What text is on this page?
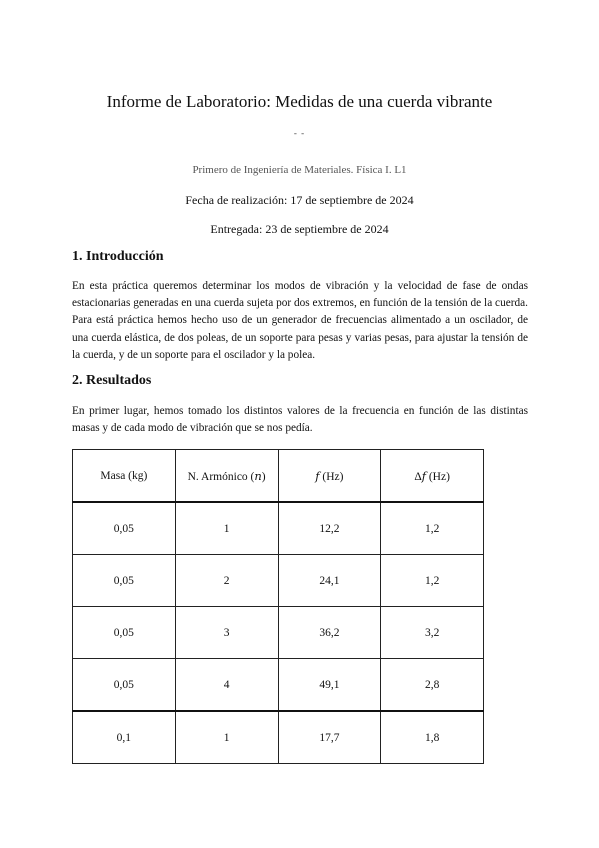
Informe de Laboratorio: Medidas de una cuerda vibrante
- -
Primero de Ingeniería de Materiales. Física I. L1
Fecha de realización: 17 de septiembre de 2024
Entregada: 23 de septiembre de 2024
1. Introducción
En esta práctica queremos determinar los modos de vibración y la velocidad de fase de ondas estacionarias generadas en una cuerda sujeta por dos extremos, en función de la tensión de la cuerda. Para está práctica hemos hecho uso de un generador de frecuencias alimentado a un oscilador, de una cuerda elástica, de dos poleas, de un soporte para pesas y varias pesas, para ajustar la tensión de la cuerda, y de un soporte para el oscilador y la polea.
2. Resultados
En primer lugar, hemos tomado los distintos valores de la frecuencia en función de las distintas masas y de cada modo de vibración que se nos pedía.
Masa (kg)	N. Armónico (𝑛)	𝑓 (Hz)	Δ𝑓 (Hz)
0,05	1	12,2	1,2
0,05	2	24,1	1,2
0,05	3	36,2	3,2
0,05	4	49,1	2,8
0,1	1	17,7	1,8
